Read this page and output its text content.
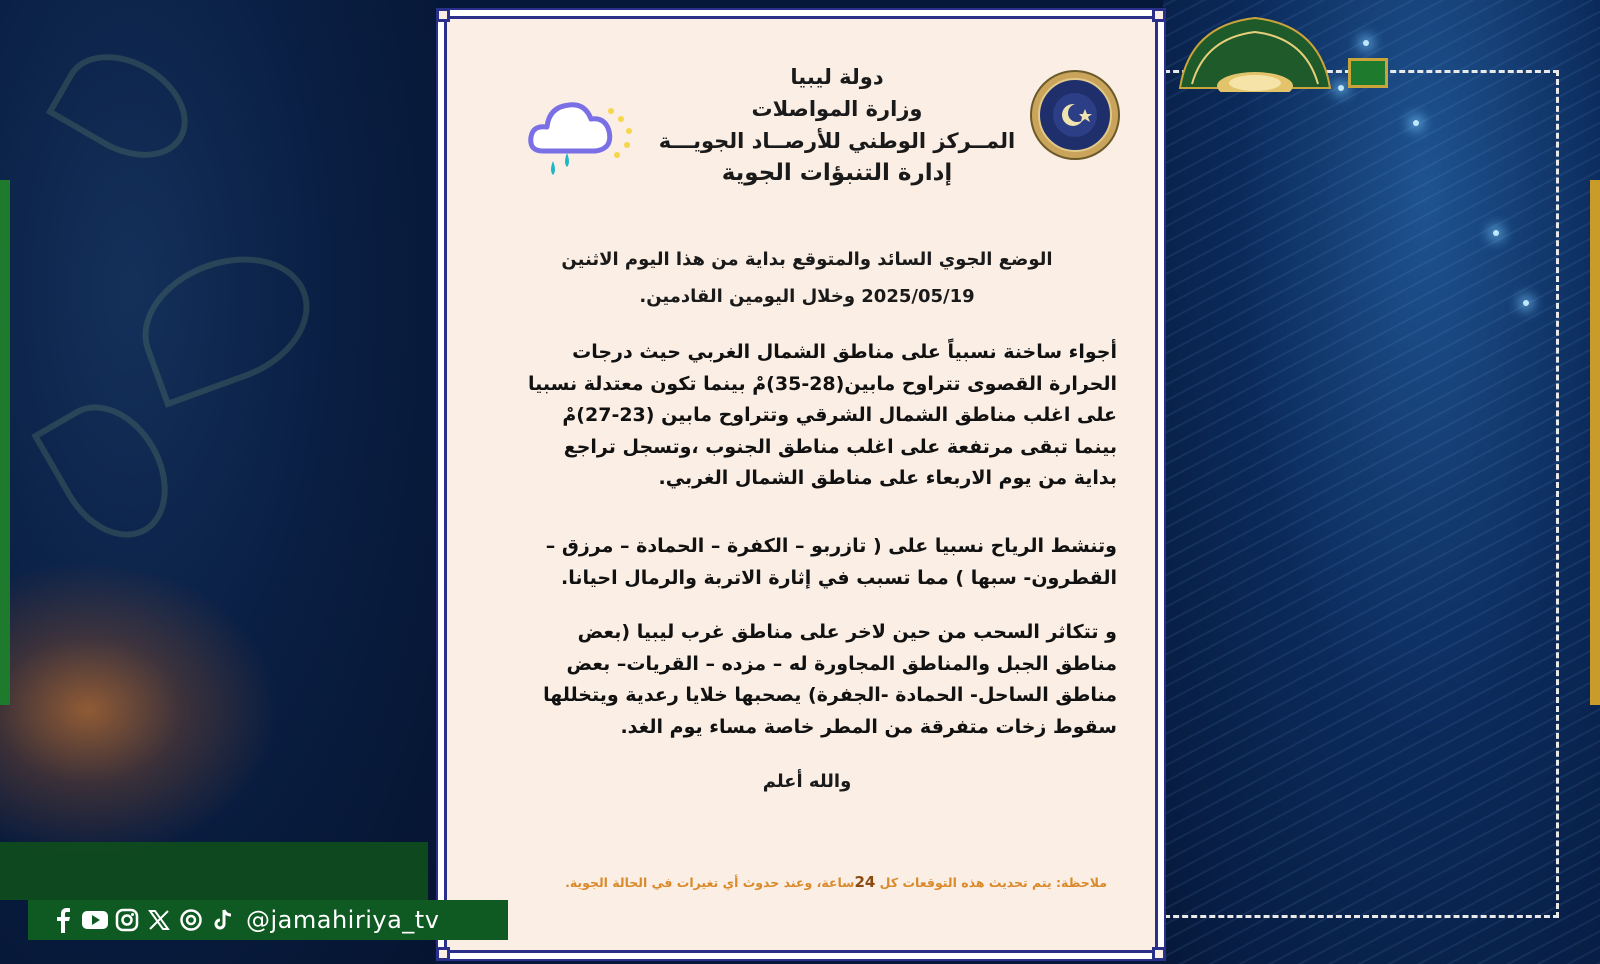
دولة ليبيا
وزارة المواصلات
المــركز الوطني للأرصــاد الجويـــة
إدارة التنبؤات الجوية
الوضع الجوي السائد والمتوقع بداية من هذا اليوم الاثنين
2025/05/19 وخلال اليومين القادمين.
أجواء ساخنة نسبياً على مناطق الشمال الغربي حيث درجات الحرارة القصوى تتراوح مابين(28-35)مْ بينما تكون معتدلة نسبيا على اغلب مناطق الشمال الشرقي وتتراوح مابين (23-27)مْ بينما تبقى مرتفعة على اغلب مناطق الجنوب ،وتسجل تراجع بداية من يوم الاربعاء على مناطق الشمال الغربي.
وتنشط الرياح نسبيا على ( تازربو – الكفرة – الحمادة – مرزق – القطرون- سبها ) مما تسبب في إثارة الاتربة والرمال احيانا.
و تتكاثر السحب من حين لاخر على مناطق غرب ليبيا (بعض مناطق الجبل والمناطق المجاورة له – مزده – القريات– بعض مناطق الساحل- الحمادة -الجفرة) يصحبها خلايا رعدية ويتخللها سقوط زخات متفرقة من المطر خاصة مساء يوم الغد.
والله أعلم
ملاحظة: يتم تحديث هذه التوقعات كل 24ساعة، وعند حدوث أي تغيرات في الحالة الجوية.
@jamahiriya_tv
